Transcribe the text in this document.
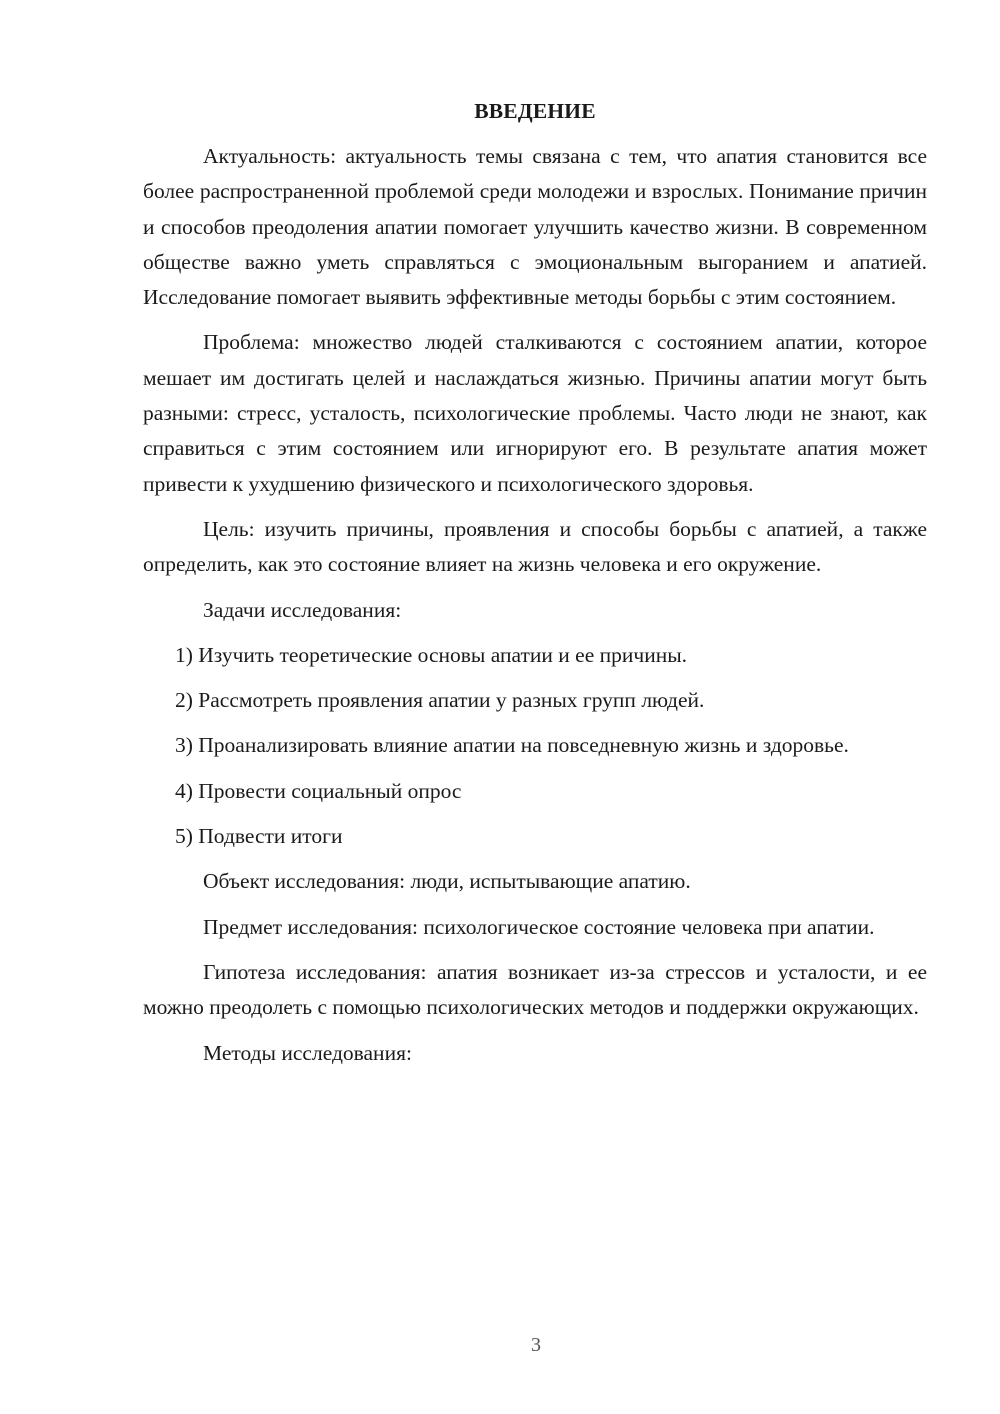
ВВЕДЕНИЕ

Актуальность: актуальность темы связана с тем, что апатия становится все более распространенной проблемой среди молодежи и взрослых. Понимание причин и способов преодоления апатии помогает улучшить качество жизни. В современном обществе важно уметь справляться с эмоциональным выгоранием и апатией. Исследование помогает выявить эффективные методы борьбы с этим состоянием.

Проблема: множество людей сталкиваются с состоянием апатии, которое мешает им достигать целей и наслаждаться жизнью. Причины апатии могут быть разными: стресс, усталость, психологические проблемы. Часто люди не знают, как справиться с этим состоянием или игнорируют его. В результате апатия может привести к ухудшению физического и психологического здоровья.

Цель: изучить причины, проявления и способы борьбы с апатией, а также определить, как это состояние влияет на жизнь человека и его окружение.

Задачи исследования:

1) Изучить теоретические основы апатии и ее причины.

2) Рассмотреть проявления апатии у разных групп людей.

3) Проанализировать влияние апатии на повседневную жизнь и здоровье.

4) Провести социальный опрос

5) Подвести итоги

Объект исследования: люди, испытывающие апатию.

Предмет исследования: психологическое состояние человека при апатии.

Гипотеза исследования: апатия возникает из-за стрессов и усталости, и ее можно преодолеть с помощью психологических методов и поддержки окружающих.

Методы исследования:

3
